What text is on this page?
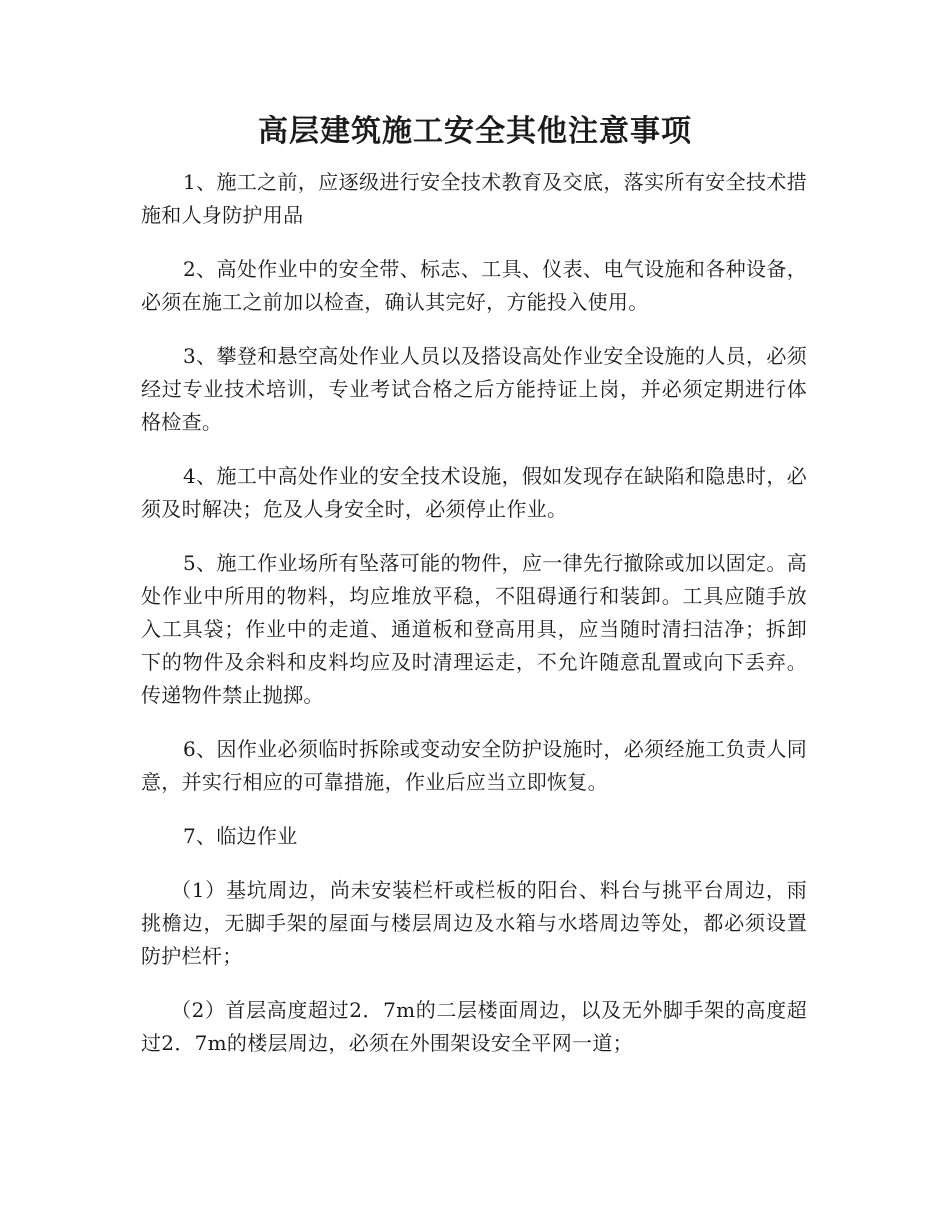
高层建筑施工安全其他注意事项

1、施工之前，应逐级进行安全技术教育及交底，落实所有安全技术措施和人身防护用品

2、高处作业中的安全带、标志、工具、仪表、电气设施和各种设备，必须在施工之前加以检查，确认其完好，方能投入使用。

3、攀登和悬空高处作业人员以及搭设高处作业安全设施的人员，必须经过专业技术培训，专业考试合格之后方能持证上岗，并必须定期进行体格检查。

4、施工中高处作业的安全技术设施，假如发现存在缺陷和隐患时，必须及时解决；危及人身安全时，必须停止作业。

5、施工作业场所有坠落可能的物件，应一律先行撤除或加以固定。高处作业中所用的物料，均应堆放平稳，不阻碍通行和装卸。工具应随手放入工具袋；作业中的走道、通道板和登高用具，应当随时清扫洁净；拆卸下的物件及余料和皮料均应及时清理运走，不允许随意乱置或向下丢弃。传递物件禁止抛掷。

6、因作业必须临时拆除或变动安全防护设施时，必须经施工负责人同意，并实行相应的可靠措施，作业后应当立即恢复。

7、临边作业

（1）基坑周边，尚未安装栏杆或栏板的阳台、料台与挑平台周边，雨挑檐边，无脚手架的屋面与楼层周边及水箱与水塔周边等处，都必须设置防护栏杆；

（2）首层高度超过2．7m的二层楼面周边，以及无外脚手架的高度超过2．7m的楼层周边，必须在外围架设安全平网一道；
